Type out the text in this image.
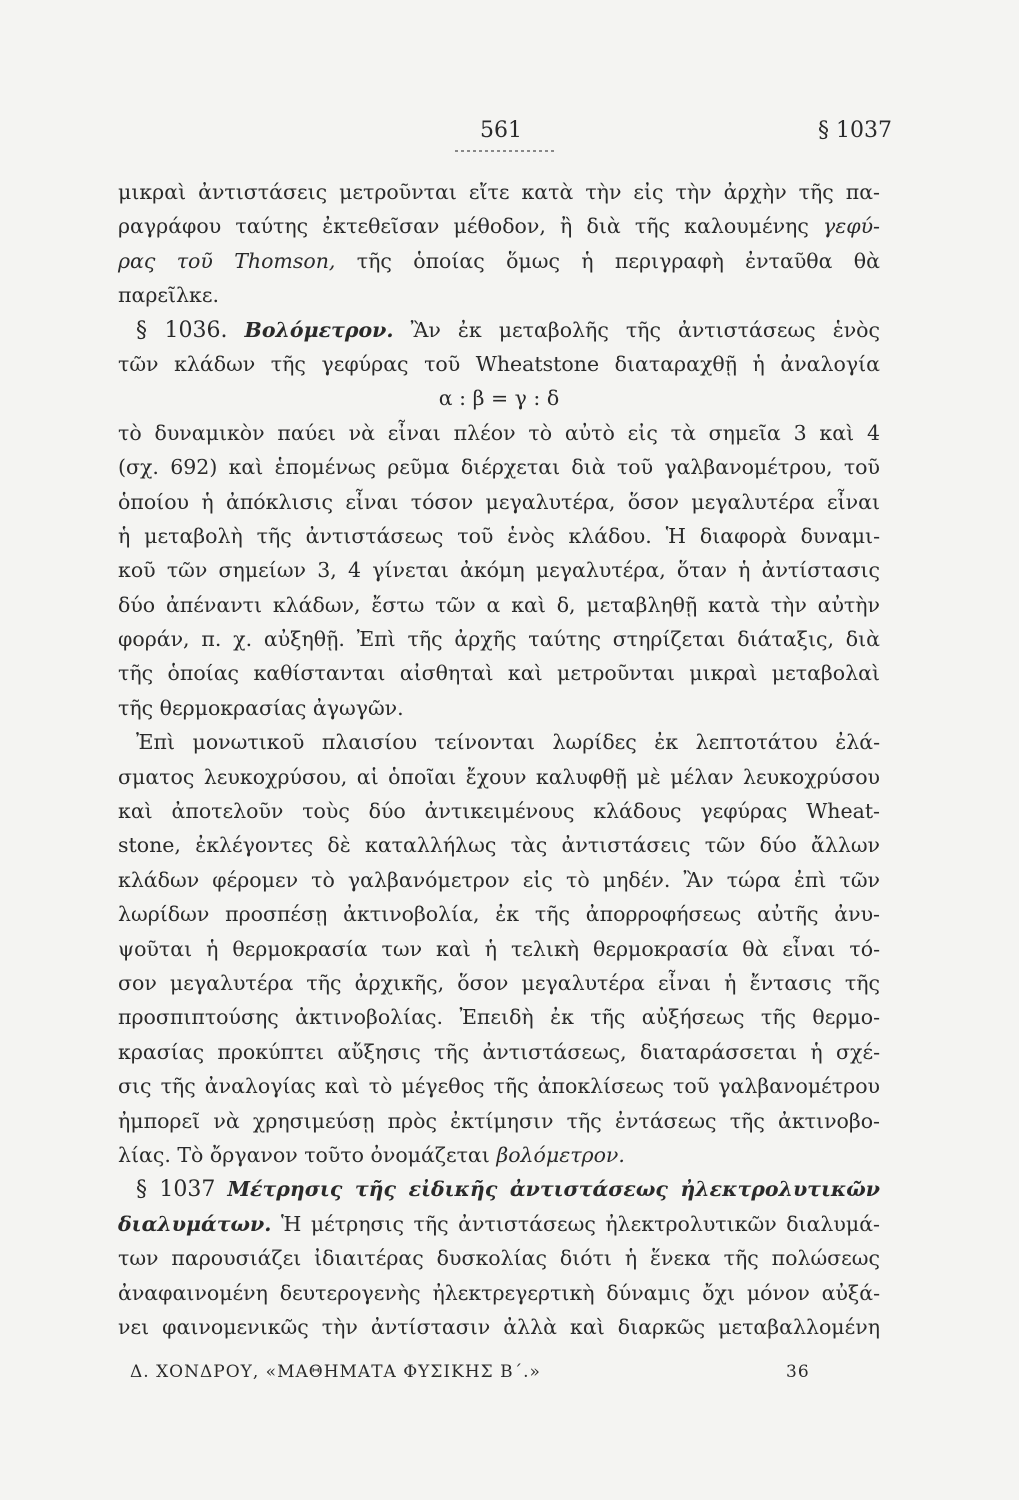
561	§ 1037
μικραὶ ἀντιστάσεις μετροῦνται εἴτε κατὰ τὴν εἰς τὴν ἀρχὴν τῆς πα-
ραγράφου ταύτης ἐκτεθεῖσαν μέθοδον, ἢ διὰ τῆς καλουμένης γεφύ-
ρας τοῦ Thomson, τῆς ὁποίας ὅμως ἡ περιγραφὴ ἐνταῦθα θὰ
παρεῖλκε.
§ 1036. Βολόμετρον. Ἂν ἐκ μεταβολῆς τῆς ἀντιστάσεως ἑνὸς
τῶν κλάδων τῆς γεφύρας τοῦ Wheatstone διαταραχθῇ ἡ ἀναλογία
α : β = γ : δ
τὸ δυναμικὸν παύει νὰ εἶναι πλέον τὸ αὐτὸ εἰς τὰ σημεῖα 3 καὶ 4
(σχ. 692) καὶ ἑπομένως ρεῦμα διέρχεται διὰ τοῦ γαλβανομέτρου, τοῦ
ὁποίου ἡ ἀπόκλισις εἶναι τόσον μεγαλυτέρα, ὅσον μεγαλυτέρα εἶναι
ἡ μεταβολὴ τῆς ἀντιστάσεως τοῦ ἑνὸς κλάδου. Ἡ διαφορὰ δυναμι-
κοῦ τῶν σημείων 3, 4 γίνεται ἀκόμη μεγαλυτέρα, ὅταν ἡ ἀντίστασις
δύο ἀπέναντι κλάδων, ἔστω τῶν α καὶ δ, μεταβληθῇ κατὰ τὴν αὐτὴν
φοράν, π. χ. αὐξηθῇ. Ἐπὶ τῆς ἀρχῆς ταύτης στηρίζεται διάταξις, διὰ
τῆς ὁποίας καθίστανται αἰσθηταὶ καὶ μετροῦνται μικραὶ μεταβολαὶ
τῆς θερμοκρασίας ἀγωγῶν.
Ἐπὶ μονωτικοῦ πλαισίου τείνονται λωρίδες ἐκ λεπτοτάτου ἐλά-
σματος λευκοχρύσου, αἱ ὁποῖαι ἔχουν καλυφθῇ μὲ μέλαν λευκοχρύσου
καὶ ἀποτελοῦν τοὺς δύο ἀντικειμένους κλάδους γεφύρας Wheat-
stone, ἐκλέγοντες δὲ καταλλήλως τὰς ἀντιστάσεις τῶν δύο ἄλλων
κλάδων φέρομεν τὸ γαλβανόμετρον εἰς τὸ μηδέν. Ἂν τώρα ἐπὶ τῶν
λωρίδων προσπέσῃ ἀκτινοβολία, ἐκ τῆς ἀπορροφήσεως αὐτῆς ἀνυ-
ψοῦται ἡ θερμοκρασία των καὶ ἡ τελικὴ θερμοκρασία θὰ εἶναι τό-
σον μεγαλυτέρα τῆς ἀρχικῆς, ὅσον μεγαλυτέρα εἶναι ἡ ἔντασις τῆς
προσπιπτούσης ἀκτινοβολίας. Ἐπειδὴ ἐκ τῆς αὐξήσεως τῆς θερμο-
κρασίας προκύπτει αὔξησις τῆς ἀντιστάσεως, διαταράσσεται ἡ σχέ-
σις τῆς ἀναλογίας καὶ τὸ μέγεθος τῆς ἀποκλίσεως τοῦ γαλβανομέτρου
ἠμπορεῖ νὰ χρησιμεύσῃ πρὸς ἐκτίμησιν τῆς ἐντάσεως τῆς ἀκτινοβο-
λίας. Τὸ ὄργανον τοῦτο ὀνομάζεται βολόμετρον.
§ 1037 Μέτρησις τῆς εἰδικῆς ἀντιστάσεως ἠλεκτρολυτικῶν
διαλυμάτων. Ἡ μέτρησις τῆς ἀντιστάσεως ἠλεκτρολυτικῶν διαλυμά-
των παρουσιάζει ἰδιαιτέρας δυσκολίας διότι ἡ ἕνεκα τῆς πολώσεως
ἀναφαινομένη δευτερογενὴς ἠλεκτρεγερτικὴ δύναμις ὄχι μόνον αὐξά-
νει φαινομενικῶς τὴν ἀντίστασιν ἀλλὰ καὶ διαρκῶς μεταβαλλομένη
Δ. ΧΟΝΔΡΟΥ, «ΜΑΘΗΜΑΤΑ ΦΥΣΙΚΗΣ Β΄.»	36
